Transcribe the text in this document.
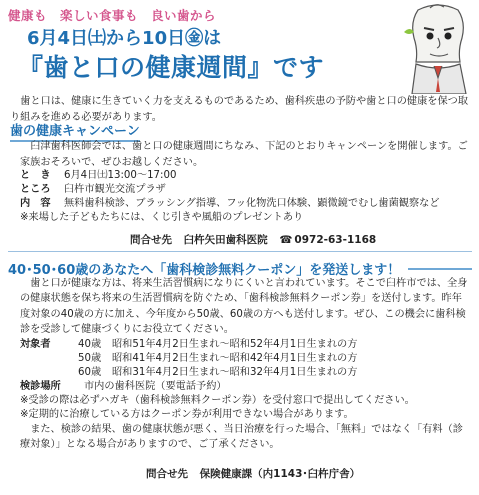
健康も　楽しい食事も　良い歯から
6月4日㈯から10日㊎は
『歯と口の健康週間』です

歯と口は、健康に生きていく力を支えるものであるため、歯科疾患の予防や歯と口の健康を保つ取り組みを進める必要があります。

歯の健康キャンペーン

臼津歯科医師会では、歯と口の健康週間にちなみ、下記のとおりキャンペーンを開催します。ご家族おそろいで、ぜひお越しください。

と　き 6月4日㈯13:00～17:00
ところ 臼杵市観光交流プラザ
内　容 無料歯科検診、ブラッシング指導、フッ化物洗口体験、顕微鏡でむし歯菌観察など
※来場した子どもたちには、くじ引きや風船のプレゼントあり
問合せ先 臼杵矢田歯科医院 ☎ 0972-63-1168
40･50･60歳のあなたへ「歯科検診無料クーポン」を発送します！

歯と口が健康な方は、将来生活習慣病になりにくいと言われています。そこで臼杵市では、全身の健康状態を保ち将来の生活習慣病を防ぐため、「歯科検診無料クーポン券」を送付します。昨年度対象の40歳の方に加え、今年度から50歳、60歳の方へも送付します。ぜひ、この機会に歯科検診を受診して健康づくりにお役立てください。

対象者	40歳 昭和51年4月2日生まれ～昭和52年4月1日生まれの方
50歳 昭和41年4月2日生まれ～昭和42年4月1日生まれの方
60歳 昭和31年4月2日生まれ～昭和32年4月1日生まれの方
検診場所 市内の歯科医院（要電話予約）
※受診の際は必ずハガキ（歯科検診無料クーポン券）を受付窓口で提出してください。
※定期的に治療している方はクーポン券が利用できない場合があります。

また、検診の結果、歯の健康状態が悪く、当日治療を行った場合、「無料」ではなく「有料（診療対象）」となる場合がありますので、ご了承ください。

問合せ先 保険健康課（内1143･臼杵庁舎）
